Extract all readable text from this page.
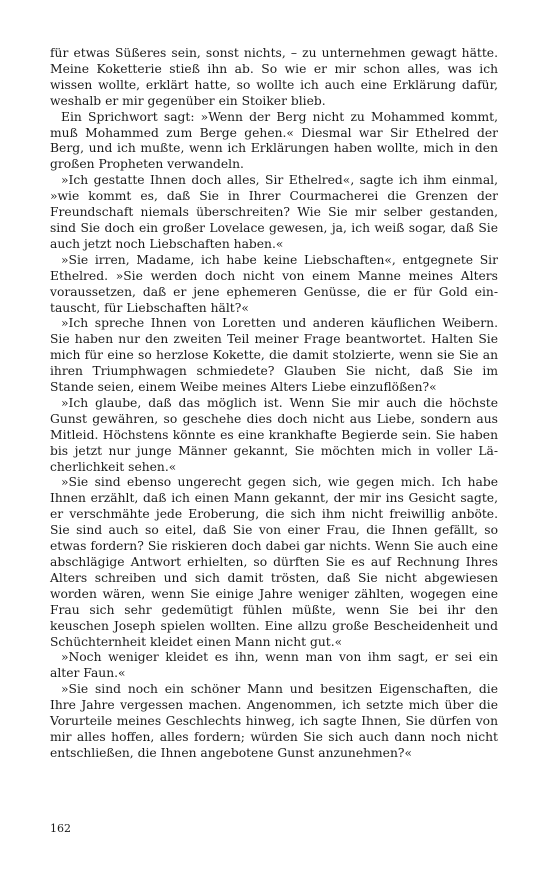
für etwas Süßeres sein, sonst nichts, – zu unternehmen gewagt hätte. Meine Koketterie stieß ihn ab. So wie er mir schon alles, was ich wissen wollte, erklärt hatte, so wollte ich auch eine Erklärung dafür, weshalb er mir gegenüber ein Stoiker blieb.

Ein Sprichwort sagt: »Wenn der Berg nicht zu Mohammed kommt, muß Mohammed zum Berge gehen.« Diesmal war Sir Ethelred der Berg, und ich mußte, wenn ich Erklärungen haben wollte, mich in den großen Propheten verwandeln.

»Ich gestatte Ihnen doch alles, Sir Ethelred«, sagte ich ihm einmal, »wie kommt es, daß Sie in Ihrer Courmacherei die Grenzen der Freundschaft niemals überschreiten? Wie Sie mir selber gestanden, sind Sie doch ein großer Lovelace gewesen, ja, ich weiß sogar, daß Sie auch jetzt noch Liebschaften haben.«

»Sie irren, Madame, ich habe keine Liebschaften«, entgegnete Sir Ethelred. »Sie werden doch nicht von einem Manne meines Alters voraussetzen, daß er jene ephemeren Genüsse, die er für Gold eintauscht, für Liebschaften hält?«

»Ich spreche Ihnen von Loretten und anderen käuflichen Weibern. Sie haben nur den zweiten Teil meiner Frage beantwortet. Halten Sie mich für eine so herzlose Kokette, die damit stolzierte, wenn sie Sie an ihren Triumphwagen schmiedete? Glauben Sie nicht, daß Sie im Stande seien, einem Weibe meines Alters Liebe einzuflößen?«

»Ich glaube, daß das möglich ist. Wenn Sie mir auch die höchste Gunst gewähren, so geschehe dies doch nicht aus Liebe, sondern aus Mitleid. Höchstens könnte es eine krankhafte Begierde sein. Sie haben bis jetzt nur junge Männer gekannt, Sie möchten mich in voller Lächerlichkeit sehen.«

»Sie sind ebenso ungerecht gegen sich, wie gegen mich. Ich habe Ihnen erzählt, daß ich einen Mann gekannt, der mir ins Gesicht sagte, er verschmähte jede Eroberung, die sich ihm nicht freiwillig anböte. Sie sind auch so eitel, daß Sie von einer Frau, die Ihnen gefällt, so etwas fordern? Sie riskieren doch dabei gar nichts. Wenn Sie auch eine abschlägige Antwort erhielten, so dürften Sie es auf Rechnung Ihres Alters schreiben und sich damit trösten, daß Sie nicht abgewiesen worden wären, wenn Sie einige Jahre weniger zählten, wogegen eine Frau sich sehr gedemütigt fühlen müßte, wenn Sie bei ihr den keuschen Joseph spielen wollten. Eine allzu große Bescheidenheit und Schüchternheit kleidet einen Mann nicht gut.«

»Noch weniger kleidet es ihn, wenn man von ihm sagt, er sei ein alter Faun.«

»Sie sind noch ein schöner Mann und besitzen Eigenschaften, die Ihre Jahre vergessen machen. Angenommen, ich setzte mich über die Vorurteile meines Geschlechts hinweg, ich sagte Ihnen, Sie dürfen von mir alles hoffen, alles fordern; würden Sie sich auch dann noch nicht entschließen, die Ihnen angebotene Gunst anzunehmen?«

162
